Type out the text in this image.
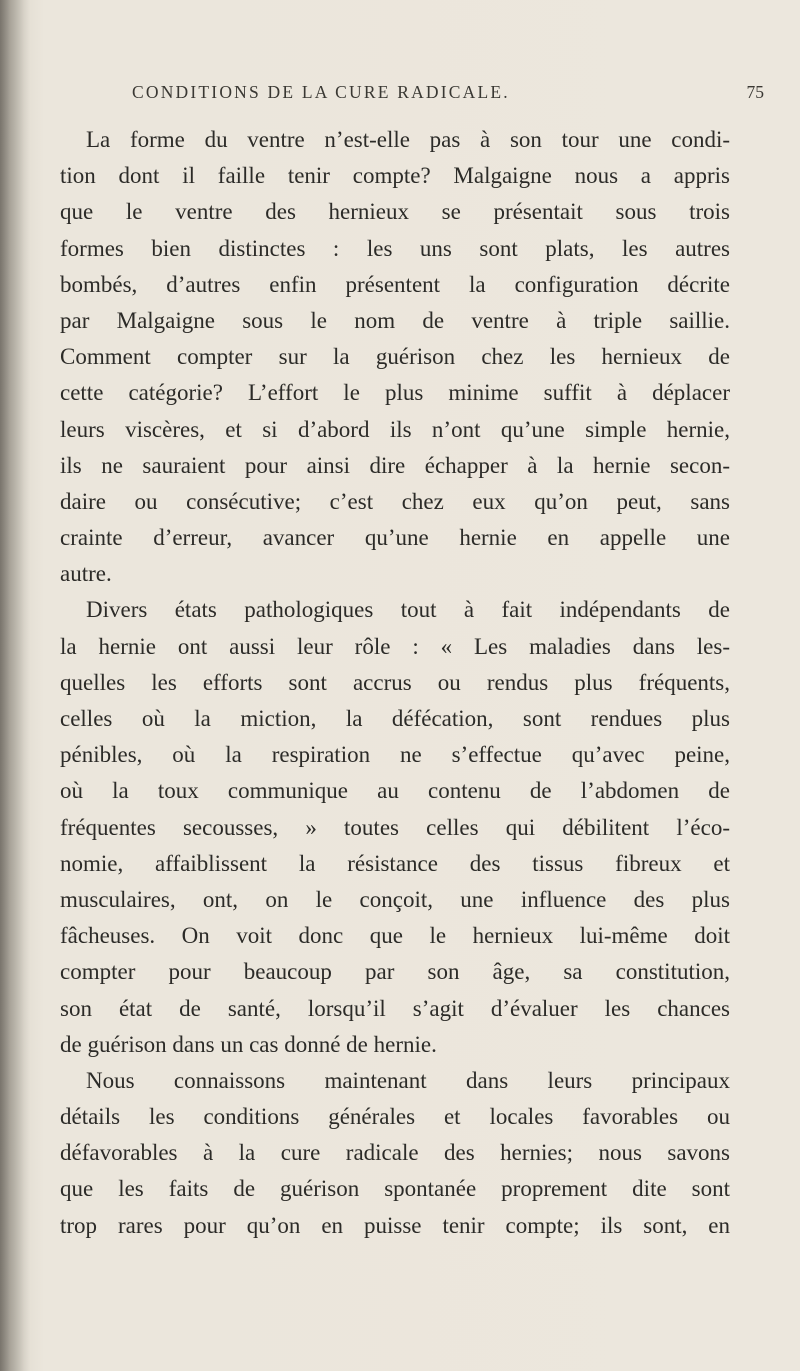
CONDITIONS DE LA CURE RADICALE.	75
La forme du ventre n’est-elle pas à son tour une condi-
tion dont il faille tenir compte? Malgaigne nous a appris
que le ventre des hernieux se présentait sous trois
formes bien distinctes : les uns sont plats, les autres
bombés, d’autres enfin présentent la configuration décrite
par Malgaigne sous le nom de ventre à triple saillie.
Comment compter sur la guérison chez les hernieux de
cette catégorie? L’effort le plus minime suffit à déplacer
leurs viscères, et si d’abord ils n’ont qu’une simple hernie,
ils ne sauraient pour ainsi dire échapper à la hernie secon-
daire ou consécutive; c’est chez eux qu’on peut, sans
crainte d’erreur, avancer qu’une hernie en appelle une
autre.
Divers états pathologiques tout à fait indépendants de
la hernie ont aussi leur rôle : « Les maladies dans les-
quelles les efforts sont accrus ou rendus plus fréquents,
celles où la miction, la défécation, sont rendues plus
pénibles, où la respiration ne s’effectue qu’avec peine,
où la toux communique au contenu de l’abdomen de
fréquentes secousses, » toutes celles qui débilitent l’éco-
nomie, affaiblissent la résistance des tissus fibreux et
musculaires, ont, on le conçoit, une influence des plus
fâcheuses. On voit donc que le hernieux lui-même doit
compter pour beaucoup par son âge, sa constitution,
son état de santé, lorsqu’il s’agit d’évaluer les chances
de guérison dans un cas donné de hernie.
Nous connaissons maintenant dans leurs principaux
détails les conditions générales et locales favorables ou
défavorables à la cure radicale des hernies; nous savons
que les faits de guérison spontanée proprement dite sont
trop rares pour qu’on en puisse tenir compte; ils sont, en
